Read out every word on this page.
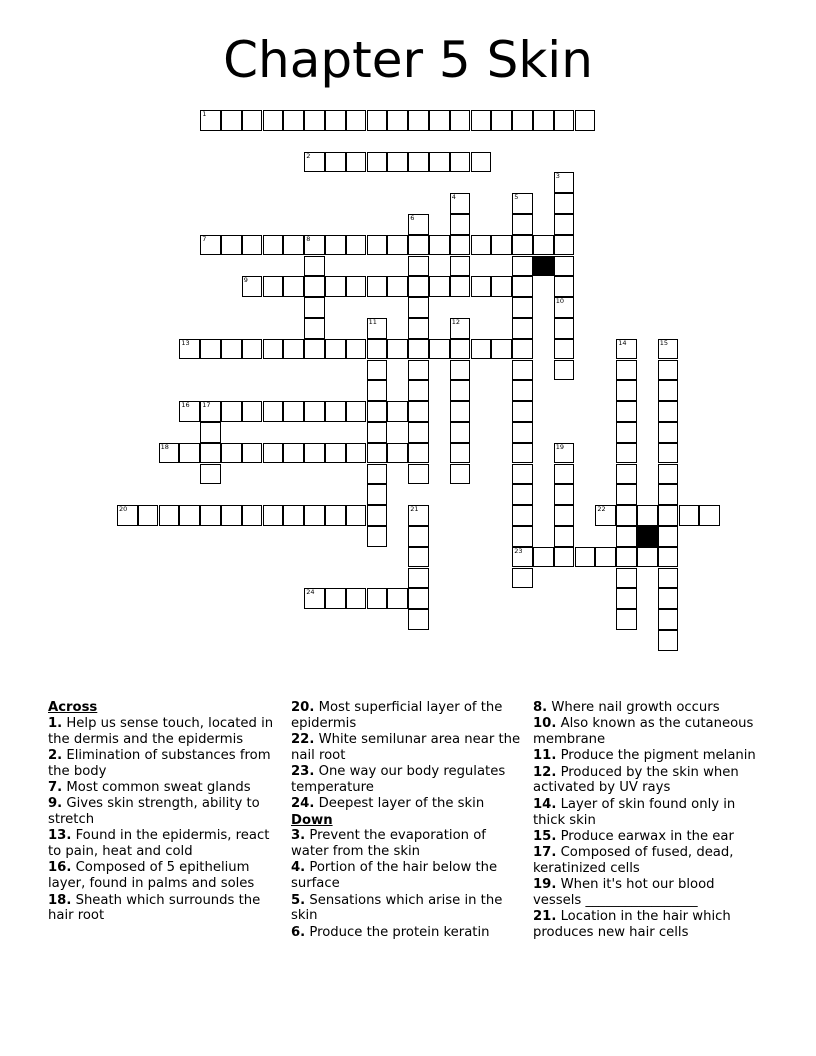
Chapter 5 Skin
1
2
3
4	5
23
6
7	8
9
10
11	12
13	14	15
16 17
18	19
20	21	22
24
Across
1. Help us sense touch, located in the dermis and the epidermis
2. Elimination of substances from the body
7. Most common sweat glands
9. Gives skin strength, ability to stretch
13. Found in the epidermis, react to pain, heat and cold
16. Composed of 5 epithelium layer, found in palms and soles
18. Sheath which surrounds the hair root
20. Most superficial layer of the epidermis
22. White semilunar area near the nail root
23. One way our body regulates temperature
24. Deepest layer of the skin
Down
3. Prevent the evaporation of water from the skin
4. Portion of the hair below the surface
5. Sensations which arise in the skin
6. Produce the protein keratin
8. Where nail growth occurs
10. Also known as the cutaneous membrane
11. Produce the pigment melanin
12. Produced by the skin when activated by UV rays
14. Layer of skin found only in thick skin
15. Produce earwax in the ear
17. Composed of fused, dead, keratinized cells
19. When it's hot our blood vessels _________________
21. Location in the hair which produces new hair cells
